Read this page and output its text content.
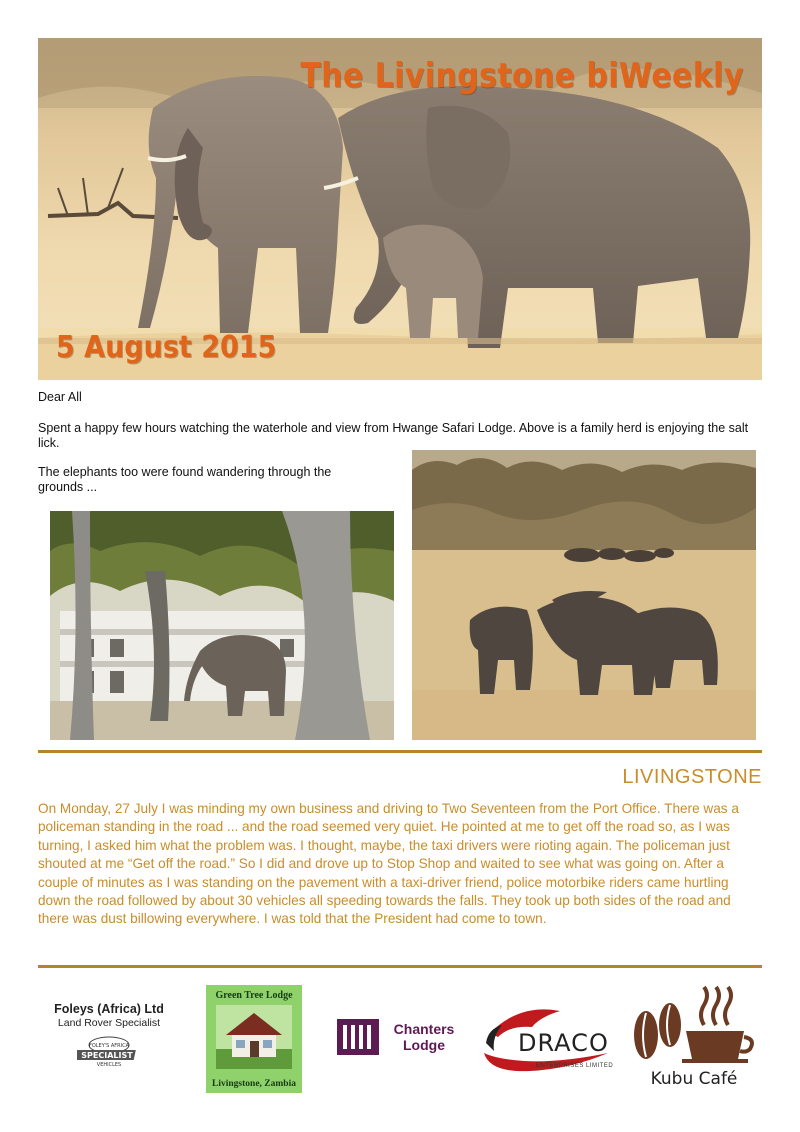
The Livingstone biWeekly
5 August 2015

Dear All

Spent a happy few hours watching the waterhole and view from Hwange Safari Lodge. Above is a family herd is enjoying the salt lick.

The elephants too were found wandering through the grounds ...

LIVINGSTONE

On Monday, 27 July I was minding my own business and driving to Two Seventeen from the Port Office. There was a policeman standing in the road ... and the road seemed very quiet. He pointed at me to get off the road so, as I was turning, I asked him what the problem was. I thought, maybe, the taxi drivers were rioting again. The policeman just shouted at me “Get off the road.” So I did and drove up to Stop Shop and waited to see what was going on. After a couple of minutes as I was standing on the pavement with a taxi-driver friend, police motorbike riders came hurtling down the road followed by about 30 vehicles all speeding towards the falls. They took up both sides of the road and there was dust billowing everywhere. I was told that the President had come to town.

Foleys (Africa) Ltd
Land Rover Specialist
FOLEY'S AFRICA
SPECIALIST
VEHICLES
Green Tree Lodge
Livingstone, Zambia
Chanters
Lodge	DRACO
ENTERPRISES LIMITED
Kubu Café
